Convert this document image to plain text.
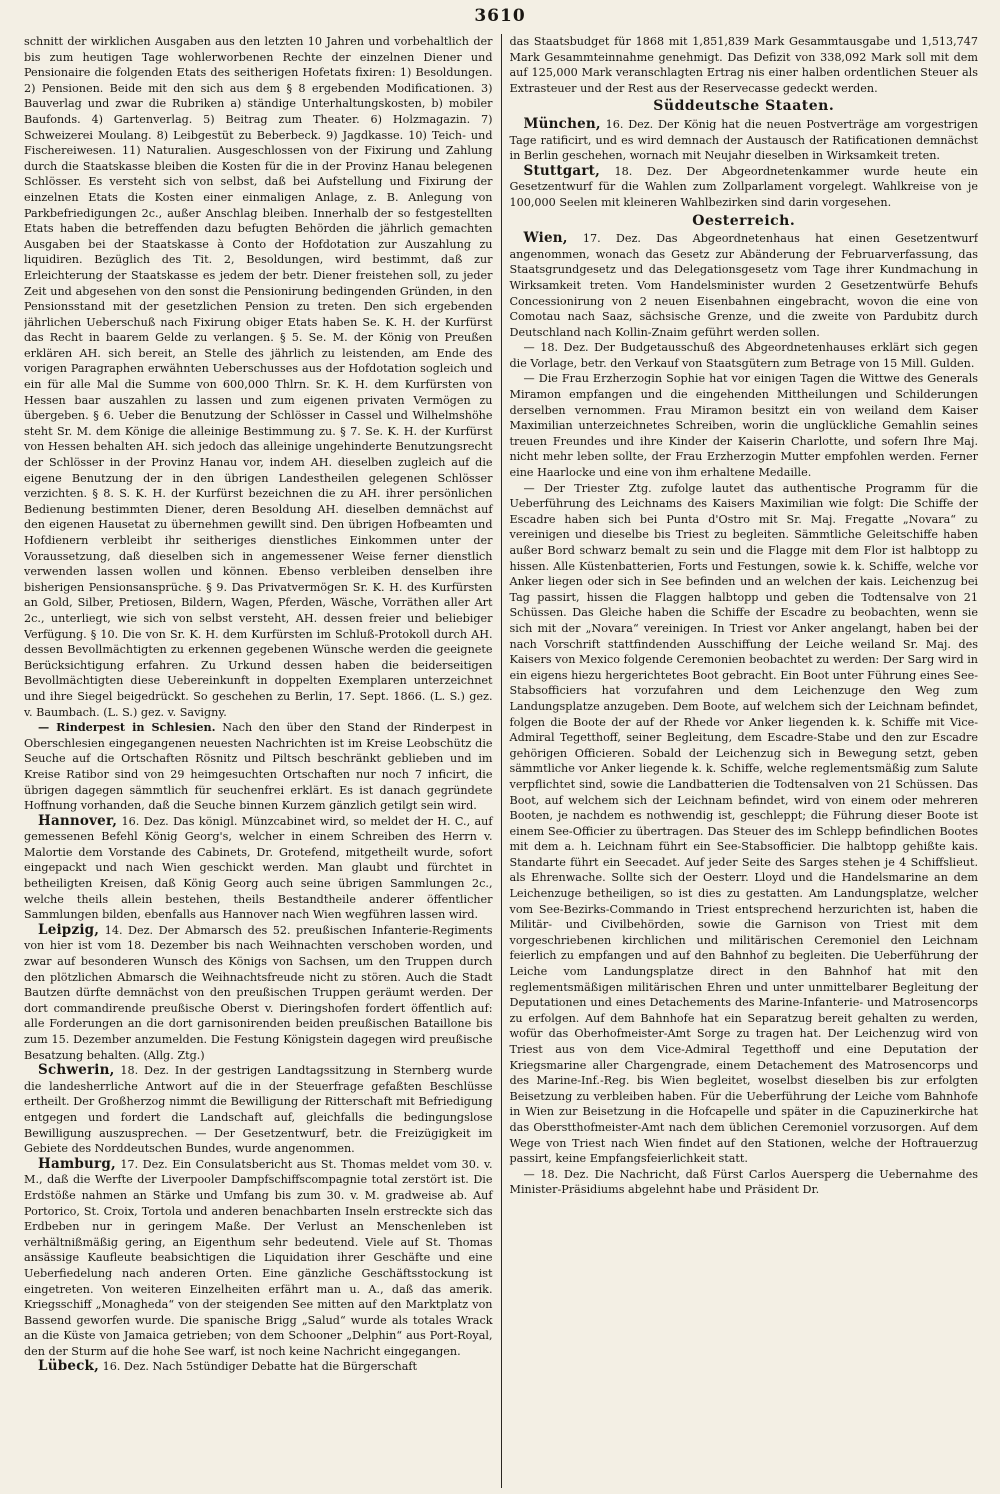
3610

schnitt der wirklichen Ausgaben aus den letzten 10 Jahren und vorbehaltlich der bis zum heutigen Tage wohlerworbenen Rechte der einzelnen Diener und Pensionaire die folgenden Etats des seitherigen Hofetats fixiren: 1) Besoldungen. 2) Pensionen. Beide mit den sich aus dem § 8 ergebenden Modificationen. 3) Bauverlag und zwar die Rubriken a) ständige Unterhaltungskosten, b) mobiler Baufonds. 4) Gartenverlag. 5) Beitrag zum Theater. 6) Holzmagazin. 7) Schweizerei Moulang. 8) Leibgestüt zu Beberbeck. 9) Jagdkasse. 10) Teich- und Fischereiwesen. 11) Naturalien. Ausgeschlossen von der Fixirung und Zahlung durch die Staatskasse bleiben die Kosten für die in der Provinz Hanau belegenen Schlösser. Es versteht sich von selbst, daß bei Aufstellung und Fixirung der einzelnen Etats die Kosten einer einmaligen Anlage, z. B. Anlegung von Parkbefriedigungen 2c., außer Anschlag bleiben. Innerhalb der so festgestellten Etats haben die betreffenden dazu befugten Behörden die jährlich gemachten Ausgaben bei der Staatskasse à Conto der Hofdotation zur Auszahlung zu liquidiren. Bezüglich des Tit. 2, Besoldungen, wird bestimmt, daß zur Erleichterung der Staatskasse es jedem der betr. Diener freistehen soll, zu jeder Zeit und abgesehen von den sonst die Pensionirung bedingenden Gründen, in den Pensionsstand mit der gesetzlichen Pension zu treten. Den sich ergebenden jährlichen Ueberschuß nach Fixirung obiger Etats haben Se. K. H. der Kurfürst das Recht in baarem Gelde zu verlangen. § 5. Se. M. der König von Preußen erklären AH. sich bereit, an Stelle des jährlich zu leistenden, am Ende des vorigen Paragraphen erwähnten Ueberschusses aus der Hofdotation sogleich und ein für alle Mal die Summe von 600,000 Thlrn. Sr. K. H. dem Kurfürsten von Hessen baar auszahlen zu lassen und zum eigenen privaten Vermögen zu übergeben. § 6. Ueber die Benutzung der Schlösser in Cassel und Wilhelmshöhe steht Sr. M. dem Könige die alleinige Bestimmung zu. § 7. Se. K. H. der Kurfürst von Hessen behalten AH. sich jedoch das alleinige ungehinderte Benutzungsrecht der Schlösser in der Provinz Hanau vor, indem AH. dieselben zugleich auf die eigene Benutzung der in den übrigen Landestheilen gelegenen Schlösser verzichten. § 8. S. K. H. der Kurfürst bezeichnen die zu AH. ihrer persönlichen Bedienung bestimmten Diener, deren Besoldung AH. dieselben demnächst auf den eigenen Hausetat zu übernehmen gewillt sind. Den übrigen Hofbeamten und Hofdienern verbleibt ihr seitheriges dienstliches Einkommen unter der Voraussetzung, daß dieselben sich in angemessener Weise ferner dienstlich verwenden lassen wollen und können. Ebenso verbleiben denselben ihre bisherigen Pensionsansprüche. § 9. Das Privatvermögen Sr. K. H. des Kurfürsten an Gold, Silber, Pretiosen, Bildern, Wagen, Pferden, Wäsche, Vorräthen aller Art 2c., unterliegt, wie sich von selbst versteht, AH. dessen freier und beliebiger Verfügung. § 10. Die von Sr. K. H. dem Kurfürsten im Schluß-Protokoll durch AH. dessen Bevollmächtigten zu erkennen gegebenen Wünsche werden die geeignete Berücksichtigung erfahren. Zu Urkund dessen haben die beiderseitigen Bevollmächtigten diese Uebereinkunft in doppelten Exemplaren unterzeichnet und ihre Siegel beigedrückt. So geschehen zu Berlin, 17. Sept. 1866. (L. S.) gez. v. Baumbach. (L. S.) gez. v. Savigny.

— Rinderpest in Schlesien. Nach den über den Stand der Rinderpest in Oberschlesien eingegangenen neuesten Nachrichten ist im Kreise Leobschütz die Seuche auf die Ortschaften Rösnitz und Piltsch beschränkt geblieben und im Kreise Ratibor sind von 29 heimgesuchten Ortschaften nur noch 7 inficirt, die übrigen dagegen sämmtlich für seuchenfrei erklärt. Es ist danach gegründete Hoffnung vorhanden, daß die Seuche binnen Kurzem gänzlich getilgt sein wird.

Hannover, 16. Dez. Das königl. Münzcabinet wird, so meldet der H. C., auf gemessenen Befehl König Georg's, welcher in einem Schreiben des Herrn v. Malortie dem Vorstande des Cabinets, Dr. Grotefend, mitgetheilt wurde, sofort eingepackt und nach Wien geschickt werden. Man glaubt und fürchtet in betheiligten Kreisen, daß König Georg auch seine übrigen Sammlungen 2c., welche theils allein bestehen, theils Bestandtheile anderer öffentlicher Sammlungen bilden, ebenfalls aus Hannover nach Wien wegführen lassen wird.

Leipzig, 14. Dez. Der Abmarsch des 52. preußischen Infanterie-Regiments von hier ist vom 18. Dezember bis nach Weihnachten verschoben worden, und zwar auf besonderen Wunsch des Königs von Sachsen, um den Truppen durch den plötzlichen Abmarsch die Weihnachtsfreude nicht zu stören. Auch die Stadt Bautzen dürfte demnächst von den preußischen Truppen geräumt werden. Der dort commandirende preußische Oberst v. Dieringshofen fordert öffentlich auf: alle Forderungen an die dort garnisonirenden beiden preußischen Bataillone bis zum 15. Dezember anzumelden. Die Festung Königstein dagegen wird preußische Besatzung behalten. (Allg. Ztg.)

Schwerin, 18. Dez. In der gestrigen Landtagssitzung in Sternberg wurde die landesherrliche Antwort auf die in der Steuerfrage gefaßten Beschlüsse ertheilt. Der Großherzog nimmt die Bewilligung der Ritterschaft mit Befriedigung entgegen und fordert die Landschaft auf, gleichfalls die bedingungslose Bewilligung auszusprechen. — Der Gesetzentwurf, betr. die Freizügigkeit im Gebiete des Norddeutschen Bundes, wurde angenommen.

Hamburg, 17. Dez. Ein Consulatsbericht aus St. Thomas meldet vom 30. v. M., daß die Werfte der Liverpooler Dampfschiffscompagnie total zerstört ist. Die Erdstöße nahmen an Stärke und Umfang bis zum 30. v. M. gradweise ab. Auf Portorico, St. Croix, Tortola und anderen benachbarten Inseln erstreckte sich das Erdbeben nur in geringem Maße. Der Verlust an Menschenleben ist verhältnißmäßig gering, an Eigenthum sehr bedeutend. Viele auf St. Thomas ansässige Kaufleute beabsichtigen die Liquidation ihrer Geschäfte und eine Ueberfiedelung nach anderen Orten. Eine gänzliche Geschäftsstockung ist eingetreten. Von weiteren Einzelheiten erfährt man u. A., daß das amerik. Kriegsschiff „Monagheda“ von der steigenden See mitten auf den Marktplatz von Bassend geworfen wurde. Die spanische Brigg „Salud“ wurde als totales Wrack an die Küste von Jamaica getrieben; von dem Schooner „Delphin“ aus Port-Royal, den der Sturm auf die hohe See warf, ist noch keine Nachricht eingegangen.

Lübeck, 16. Dez. Nach 5stündiger Debatte hat die Bürgerschaft

das Staatsbudget für 1868 mit 1,851,839 Mark Gesammtausgabe und 1,513,747 Mark Gesammteinnahme genehmigt. Das Defizit von 338,092 Mark soll mit dem auf 125,000 Mark veranschlagten Ertrag nis einer halben ordentlichen Steuer als Extrasteuer und der Rest aus der Reservecasse gedeckt werden.

Süddeutsche Staaten.

München, 16. Dez. Der König hat die neuen Postverträge am vorgestrigen Tage ratificirt, und es wird demnach der Austausch der Ratificationen demnächst in Berlin geschehen, wornach mit Neujahr dieselben in Wirksamkeit treten.

Stuttgart, 18. Dez. Der Abgeordnetenkammer wurde heute ein Gesetzentwurf für die Wahlen zum Zollparlament vorgelegt. Wahlkreise von je 100,000 Seelen mit kleineren Wahlbezirken sind darin vorgesehen.

Oesterreich.

Wien, 17. Dez. Das Abgeordnetenhaus hat einen Gesetzentwurf angenommen, wonach das Gesetz zur Abänderung der Februarverfassung, das Staatsgrundgesetz und das Delegationsgesetz vom Tage ihrer Kundmachung in Wirksamkeit treten. Vom Handelsminister wurden 2 Gesetzentwürfe Behufs Concessionirung von 2 neuen Eisenbahnen eingebracht, wovon die eine von Comotau nach Saaz, sächsische Grenze, und die zweite von Pardubitz durch Deutschland nach Kollin-Znaim geführt werden sollen.

— 18. Dez. Der Budgetausschuß des Abgeordnetenhauses erklärt sich gegen die Vorlage, betr. den Verkauf von Staatsgütern zum Betrage von 15 Mill. Gulden.

— Die Frau Erzherzogin Sophie hat vor einigen Tagen die Wittwe des Generals Miramon empfangen und die eingehenden Mittheilungen und Schilderungen derselben vernommen. Frau Miramon besitzt ein von weiland dem Kaiser Maximilian unterzeichnetes Schreiben, worin die unglückliche Gemahlin seines treuen Freundes und ihre Kinder der Kaiserin Charlotte, und sofern Ihre Maj. nicht mehr leben sollte, der Frau Erzherzogin Mutter empfohlen werden. Ferner eine Haarlocke und eine von ihm erhaltene Medaille.

— Der Triester Ztg. zufolge lautet das authentische Programm für die Ueberführung des Leichnams des Kaisers Maximilian wie folgt: Die Schiffe der Escadre haben sich bei Punta d'Ostro mit Sr. Maj. Fregatte „Novara“ zu vereinigen und dieselbe bis Triest zu begleiten. Sämmtliche Geleitschiffe haben außer Bord schwarz bemalt zu sein und die Flagge mit dem Flor ist halbtopp zu hissen. Alle Küstenbatterien, Forts und Festungen, sowie k. k. Schiffe, welche vor Anker liegen oder sich in See befinden und an welchen der kais. Leichenzug bei Tag passirt, hissen die Flaggen halbtopp und geben die Todtensalve von 21 Schüssen. Das Gleiche haben die Schiffe der Escadre zu beobachten, wenn sie sich mit der „Novara“ vereinigen. In Triest vor Anker angelangt, haben bei der nach Vorschrift stattfindenden Ausschiffung der Leiche weiland Sr. Maj. des Kaisers von Mexico folgende Ceremonien beobachtet zu werden: Der Sarg wird in ein eigens hiezu hergerichtetes Boot gebracht. Ein Boot unter Führung eines See-Stabsofficiers hat vorzufahren und dem Leichenzuge den Weg zum Landungsplatze anzugeben. Dem Boote, auf welchem sich der Leichnam befindet, folgen die Boote der auf der Rhede vor Anker liegenden k. k. Schiffe mit Vice-Admiral Tegetthoff, seiner Begleitung, dem Escadre-Stabe und den zur Escadre gehörigen Officieren. Sobald der Leichenzug sich in Bewegung setzt, geben sämmtliche vor Anker liegende k. k. Schiffe, welche reglementsmäßig zum Salute verpflichtet sind, sowie die Landbatterien die Todtensalven von 21 Schüssen. Das Boot, auf welchem sich der Leichnam befindet, wird von einem oder mehreren Booten, je nachdem es nothwendig ist, geschleppt; die Führung dieser Boote ist einem See-Officier zu übertragen. Das Steuer des im Schlepp befindlichen Bootes mit dem a. h. Leichnam führt ein See-Stabsofficier. Die halbtopp gehißte kais. Standarte führt ein Seecadet. Auf jeder Seite des Sarges stehen je 4 Schiffslieut. als Ehrenwache. Sollte sich der Oesterr. Lloyd und die Handelsmarine an dem Leichenzuge betheiligen, so ist dies zu gestatten. Am Landungsplatze, welcher vom See-Bezirks-Commando in Triest entsprechend herzurichten ist, haben die Militär- und Civilbehörden, sowie die Garnison von Triest mit dem vorgeschriebenen kirchlichen und militärischen Ceremoniel den Leichnam feierlich zu empfangen und auf den Bahnhof zu begleiten. Die Ueberführung der Leiche vom Landungsplatze direct in den Bahnhof hat mit den reglementsmäßigen militärischen Ehren und unter unmittelbarer Begleitung der Deputationen und eines Detachements des Marine-Infanterie- und Matrosencorps zu erfolgen. Auf dem Bahnhofe hat ein Separatzug bereit gehalten zu werden, wofür das Oberhofmeister-Amt Sorge zu tragen hat. Der Leichenzug wird von Triest aus von dem Vice-Admiral Tegetthoff und eine Deputation der Kriegsmarine aller Chargengrade, einem Detachement des Matrosencorps und des Marine-Inf.-Reg. bis Wien begleitet, woselbst dieselben bis zur erfolgten Beisetzung zu verbleiben haben. Für die Ueberführung der Leiche vom Bahnhofe in Wien zur Beisetzung in die Hofcapelle und später in die Capuzinerkirche hat das Oberstthofmeister-Amt nach dem üblichen Ceremoniel vorzusorgen. Auf dem Wege von Triest nach Wien findet auf den Stationen, welche der Hoftrauerzug passirt, keine Empfangsfeierlichkeit statt.

— 18. Dez. Die Nachricht, daß Fürst Carlos Auersperg die Uebernahme des Minister-Präsidiums abgelehnt habe und Präsident Dr.
